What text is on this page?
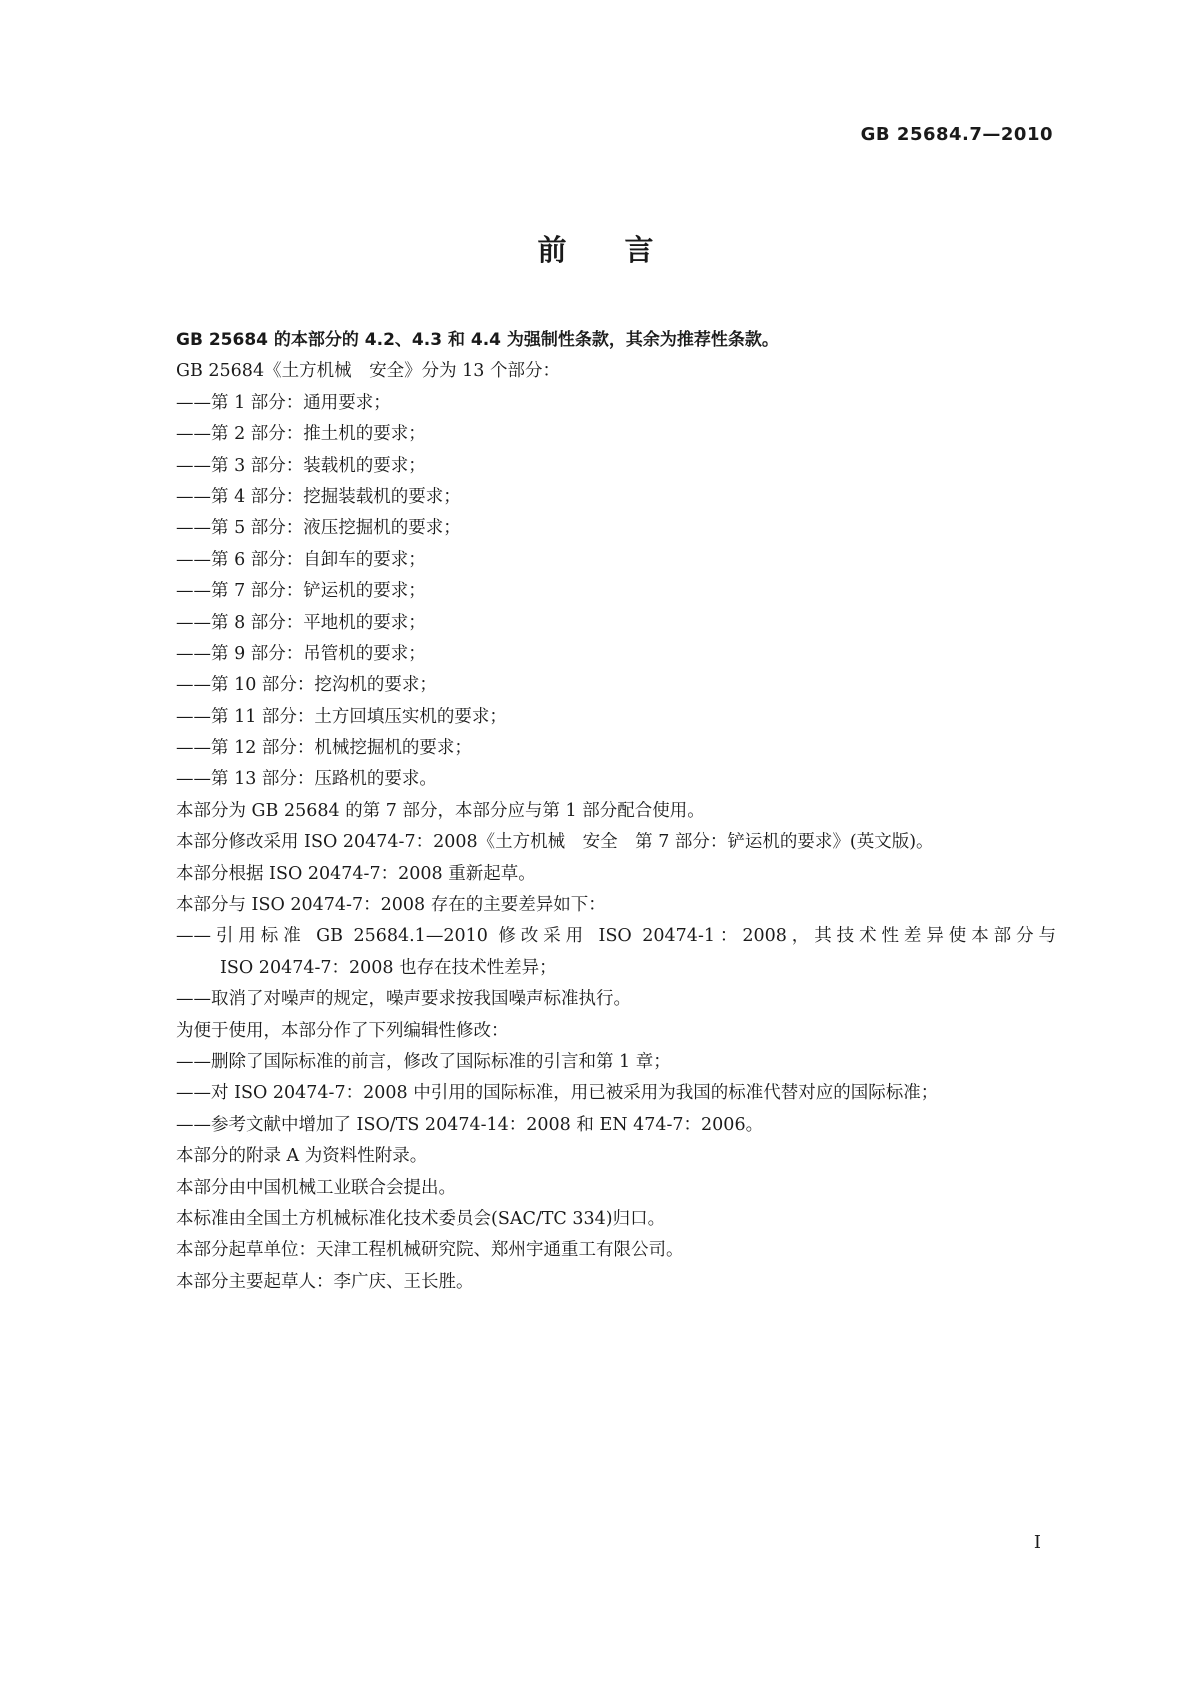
GB 25684.7—2010
前言
GB 25684 的本部分的 4.2、4.3 和 4.4 为强制性条款，其余为推荐性条款。
GB 25684《土方机械　安全》分为 13 个部分：
——第 1 部分：通用要求；
——第 2 部分：推土机的要求；
——第 3 部分：装载机的要求；
——第 4 部分：挖掘装载机的要求；
——第 5 部分：液压挖掘机的要求；
——第 6 部分：自卸车的要求；
——第 7 部分：铲运机的要求；
——第 8 部分：平地机的要求；
——第 9 部分：吊管机的要求；
——第 10 部分：挖沟机的要求；
——第 11 部分：土方回填压实机的要求；
——第 12 部分：机械挖掘机的要求；
——第 13 部分：压路机的要求。
本部分为 GB 25684 的第 7 部分，本部分应与第 1 部分配合使用。
本部分修改采用 ISO 20474-7：2008《土方机械　安全　第 7 部分：铲运机的要求》(英文版)。
本部分根据 ISO 20474-7：2008 重新起草。
本部分与 ISO 20474-7：2008 存在的主要差异如下：
——引用标准 GB 25684.1—2010 修改采用 ISO 20474-1：2008，其技术性差异使本部分与
ISO 20474-7：2008 也存在技术性差异；
——取消了对噪声的规定，噪声要求按我国噪声标准执行。
为便于使用，本部分作了下列编辑性修改：
——删除了国际标准的前言，修改了国际标准的引言和第 1 章；
——对 ISO 20474-7：2008 中引用的国际标准，用已被采用为我国的标准代替对应的国际标准；
——参考文献中增加了 ISO/TS 20474-14：2008 和 EN 474-7：2006。
本部分的附录 A 为资料性附录。
本部分由中国机械工业联合会提出。
本标准由全国土方机械标准化技术委员会(SAC/TC 334)归口。
本部分起草单位：天津工程机械研究院、郑州宇通重工有限公司。
本部分主要起草人：李广庆、王长胜。
I
